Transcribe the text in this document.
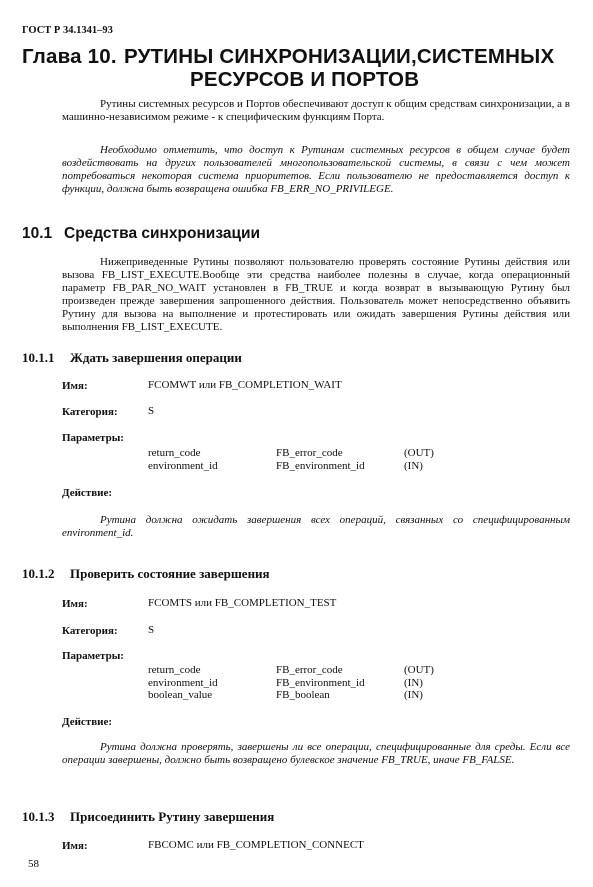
ГОСТ Р 34.1341–93
Глава 10. РУТИНЫ СИНХРОНИЗАЦИИ,СИСТЕМНЫХ
РЕСУРСОВ И ПОРТОВ
Рутины системных ресурсов и Портов обеспечивают доступ к общим средствам синхронизации, а в машинно-независимом режиме - к специфическим функциям Порта.
Необходимо отметить, что доступ к Рутинам системных ресурсов в общем случае будет воздействовать на других пользователей многопользовательской системы, в связи с чем может потребоваться некоторая система приоритетов. Если пользователю не предоставляется доступ к функции, должна быть возвращена ошибка FB_ERR_NO_PRIVILEGE.
10.1 Средства синхронизации
Нижеприведенные Рутины позволяют пользователю проверять состояние Рутины действия или вызова FB_LIST_EXECUTE.Вообще эти средства наиболее полезны в случае, когда операционный параметр FB_PAR_NO_WAIT установлен в FB_TRUE и когда возврат в вызывающую Рутину был произведен прежде завершения запрошенного действия. Пользователь может непосредственно объявить Рутину для вызова на выполнение и протестировать или ожидать завершения Рутины действия или выполнения FB_LIST_EXECUTE.
10.1.1 Ждать завершения операции
Имя:	FCOMWT или FB_COMPLETION_WAIT
Категория:	S
Параметры:
return_code	FB_error_code	(OUT)
environment_id	FB_environment_id	(IN)
Действие:
Рутина должна ожидать завершения всех операций, связанных со специфицированным environment_id.
10.1.2 Проверить состояние завершения
Имя:	FCOMTS или FB_COMPLETION_TEST
Категория:	S
Параметры:
return_code	FB_error_code	(OUT)
environment_id	FB_environment_id	(IN)
boolean_value	FB_boolean	(IN)
Действие:
Рутина должна проверять, завершены ли все операции, специфицированные для среды. Если все операции завершены, должно быть возвращено булевское значение FB_TRUE, иначе FB_FALSE.
10.1.3 Присоединить Рутину завершения
Имя:	FBCOMC или FB_COMPLETION_CONNECT
58
